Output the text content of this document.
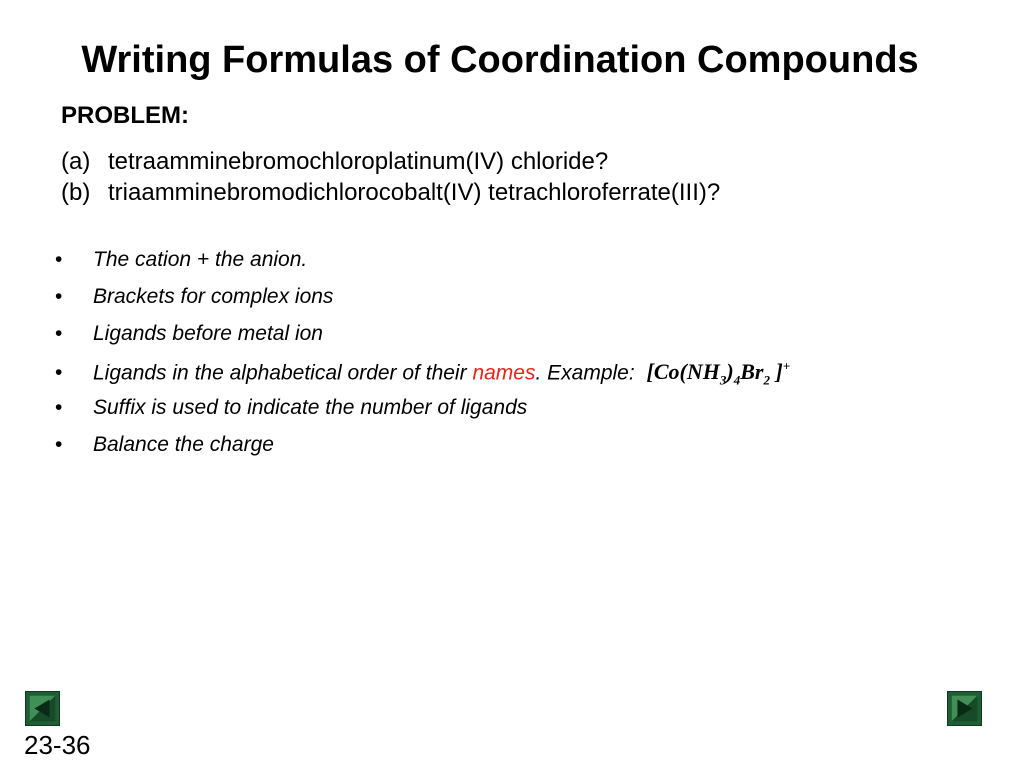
Writing Formulas of Coordination Compounds
PROBLEM:
(a) tetraamminebromochloroplatinum(IV) chloride?
(b) triaamminebromodichlorocobalt(IV) tetrachloroferrate(III)?
•	The cation + the anion.
•	Brackets for complex ions
•	Ligands before metal ion
•	Ligands in the alphabetical order of their names. Example: [$Co(NH_3)_4Br_2$ ]+
•	Suffix is used to indicate the number of ligands
•	Balance the charge
23-36
